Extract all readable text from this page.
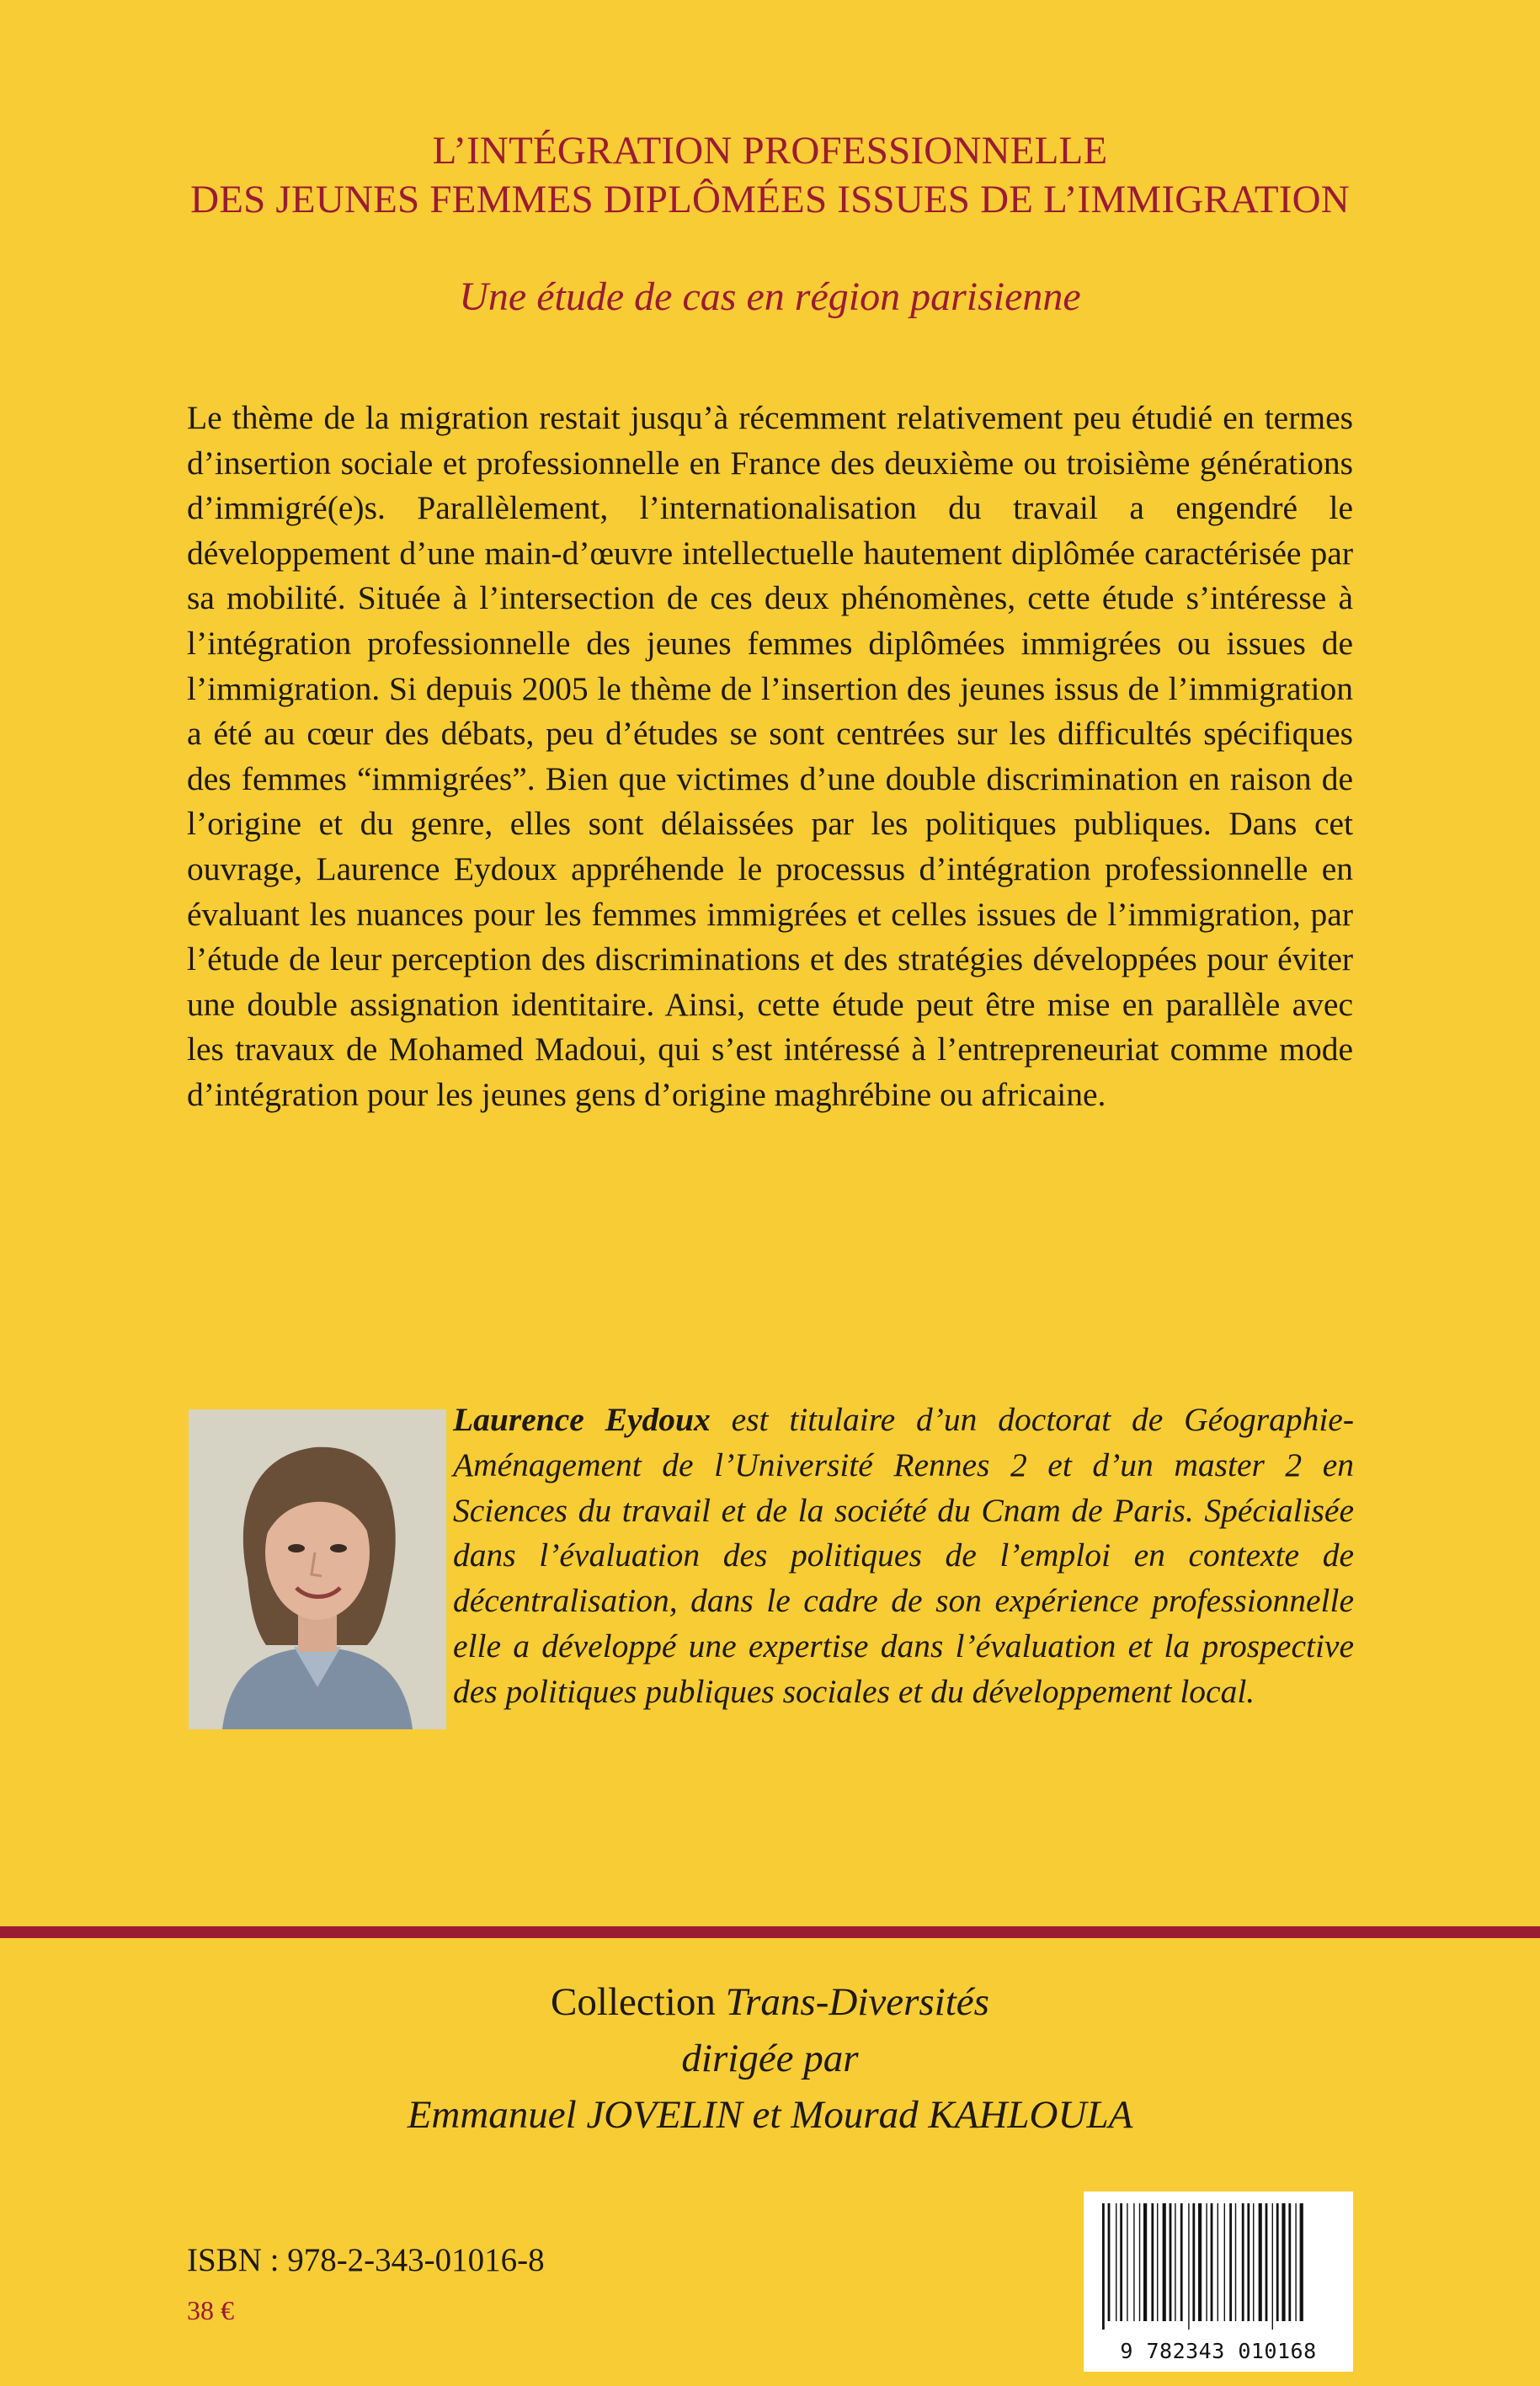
L’INTÉGRATION PROFESSIONNELLE
DES JEUNES FEMMES DIPLÔMÉES ISSUES DE L’IMMIGRATION
Une étude de cas en région parisienne

Le thème de la migration restait jusqu’à récemment relativement peu étudié en termes d’insertion sociale et professionnelle en France des deuxième ou troisième générations d’immigré(e)s. Parallèlement, l’internationalisation du travail a engendré le développement d’une main-d’œuvre intellectuelle hautement diplômée caractérisée par sa mobilité. Située à l’intersection de ces deux phénomènes, cette étude s’intéresse à l’intégration professionnelle des jeunes femmes diplômées immigrées ou issues de l’immigration. Si depuis 2005 le thème de l’insertion des jeunes issus de l’immigration a été au cœur des débats, peu d’études se sont centrées sur les difficultés spécifiques des femmes “immigrées”. Bien que victimes d’une double discrimination en raison de l’origine et du genre, elles sont délaissées par les politiques publiques. Dans cet ouvrage, Laurence Eydoux appréhende le processus d’intégration professionnelle en évaluant les nuances pour les femmes immigrées et celles issues de l’immigration, par l’étude de leur perception des discriminations et des stratégies développées pour éviter une double assignation identitaire. Ainsi, cette étude peut être mise en parallèle avec les travaux de Mohamed Madoui, qui s’est intéressé à l’entrepreneuriat comme mode d’intégration pour les jeunes gens d’origine maghrébine ou africaine.

Laurence Eydoux est titulaire d’un doctorat de Géographie-Aménagement de l’Université Rennes 2 et d’un master 2 en Sciences du travail et de la société du Cnam de Paris. Spécialisée dans l’évaluation des politiques de l’emploi en contexte de décentralisation, dans le cadre de son expérience professionnelle elle a développé une expertise dans l’évaluation et la prospective des politiques publiques sociales et du développement local.

Collection Trans-Diversités
dirigée par
Emmanuel JOVELIN et Mourad KAHLOULA
ISBN : 978-2-343-01016-8
38 €
9 782343 010168
